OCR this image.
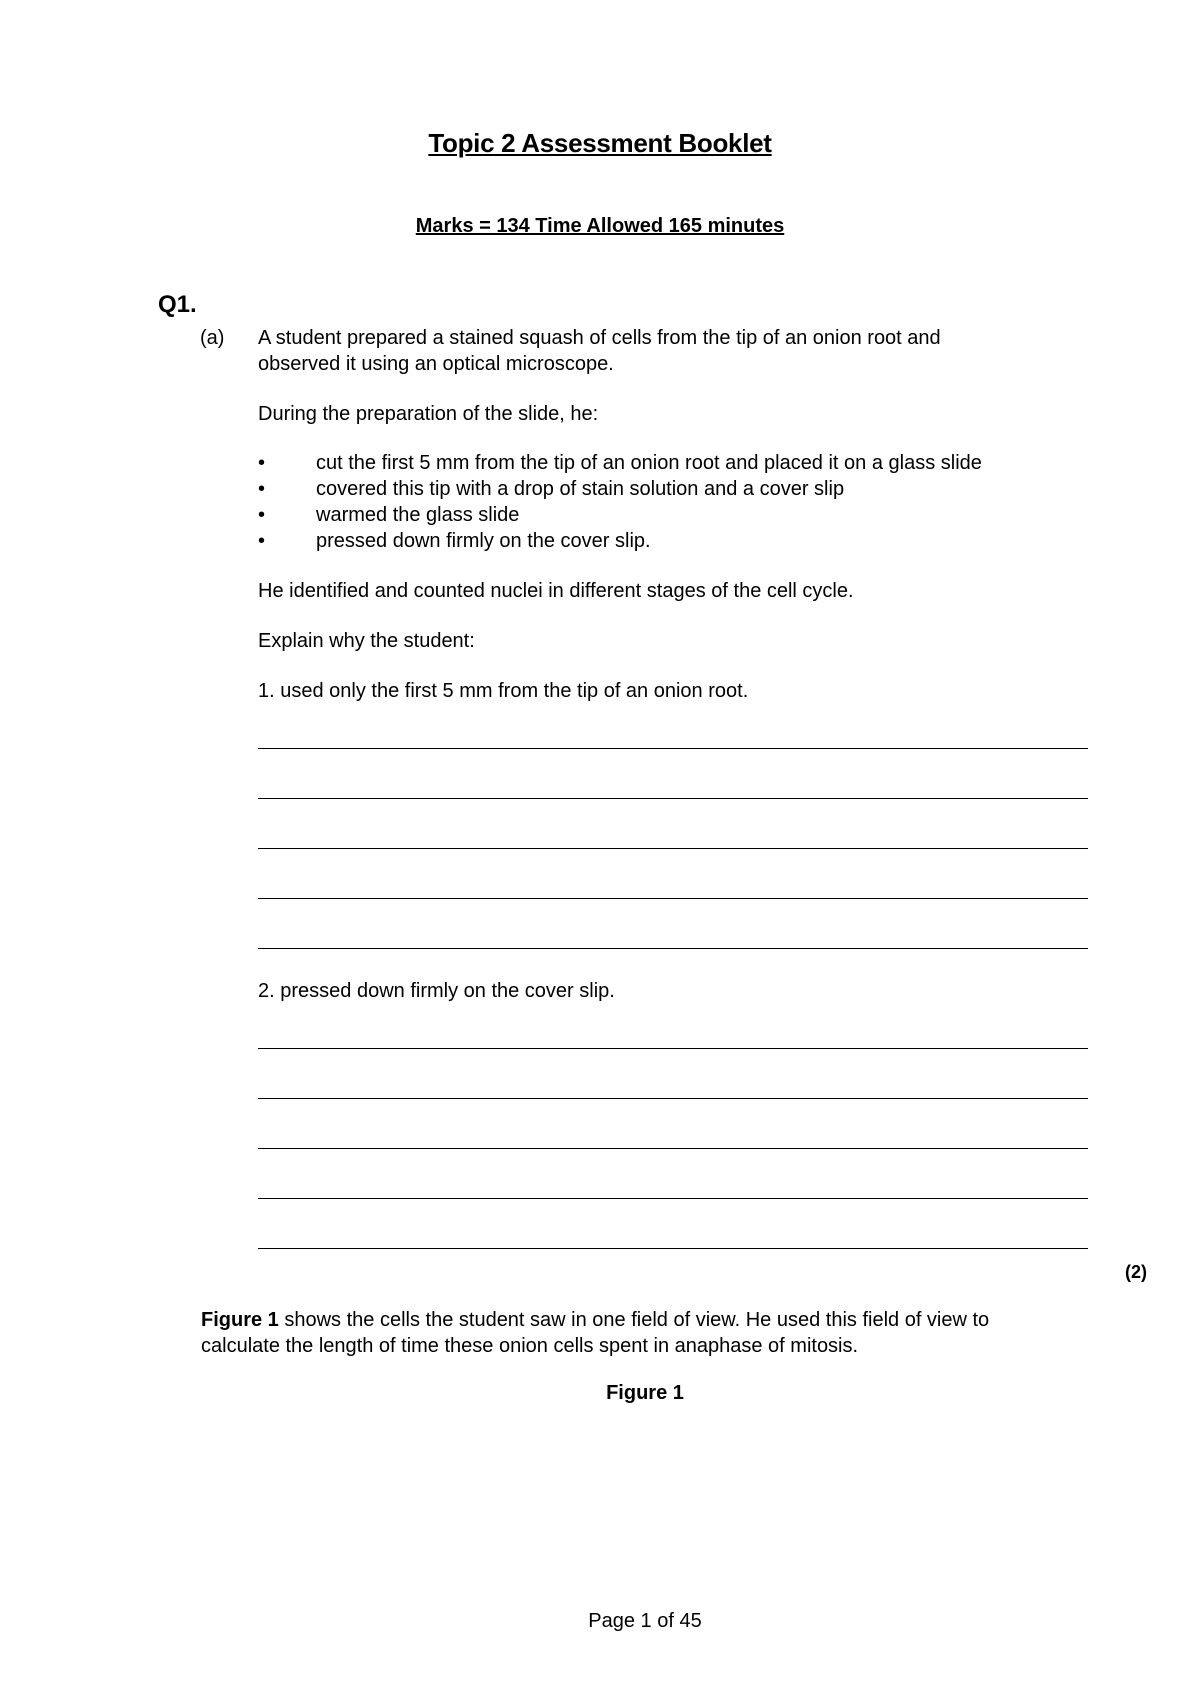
Topic 2 Assessment Booklet
Marks = 134 Time Allowed 165 minutes
Q1.
(a) A student prepared a stained squash of cells from the tip of an onion root and
observed it using an optical microscope.
During the preparation of the slide, he:
•	cut the first 5 mm from the tip of an onion root and placed it on a glass slide
•	covered this tip with a drop of stain solution and a cover slip
•	warmed the glass slide
•	pressed down firmly on the cover slip.
He identified and counted nuclei in different stages of the cell cycle.
Explain why the student:
1. used only the first 5 mm from the tip of an onion root.
2. pressed down firmly on the cover slip.
(2)
Figure 1 shows the cells the student saw in one field of view. He used this field of view to
calculate the length of time these onion cells spent in anaphase of mitosis.
Figure 1
Page 1 of 45
